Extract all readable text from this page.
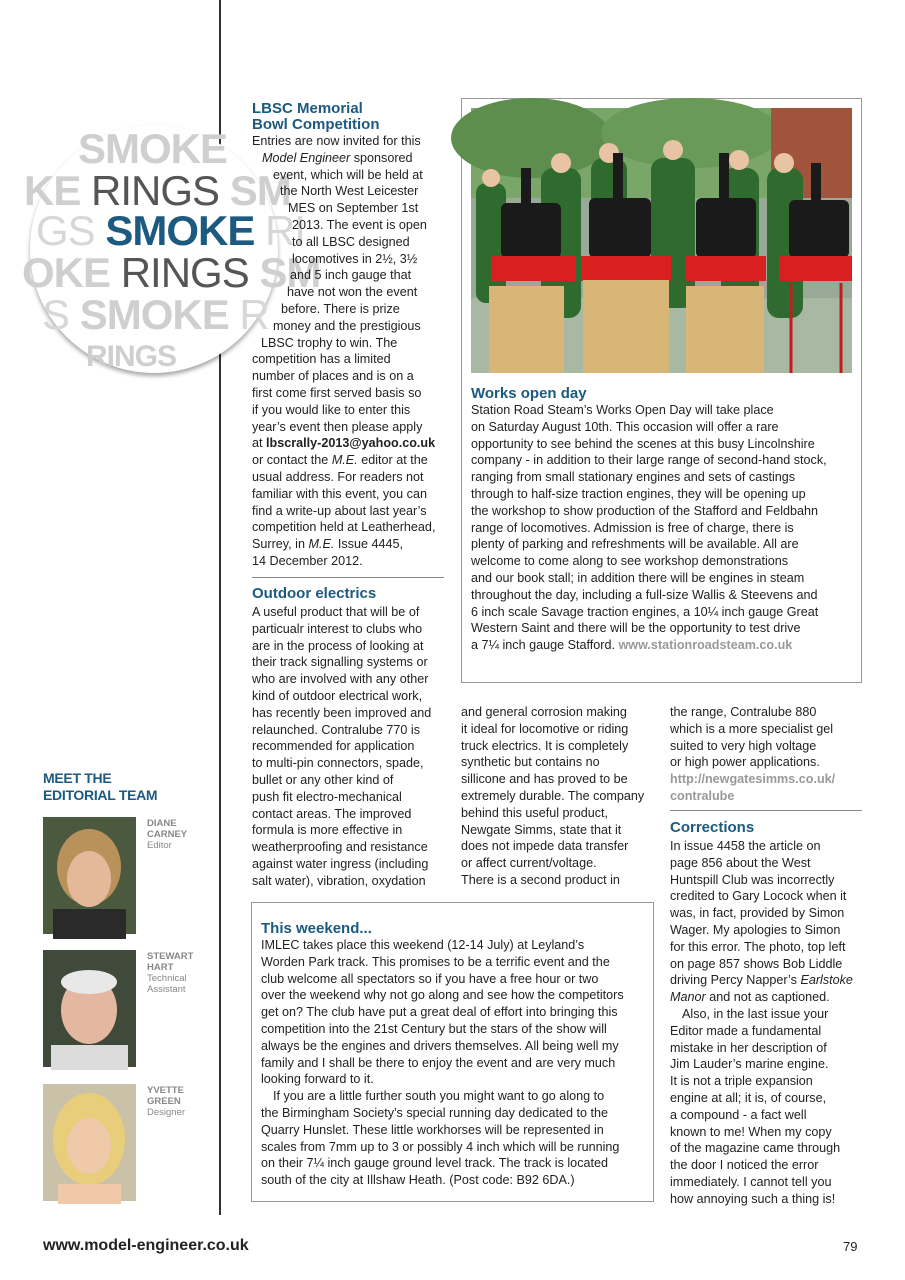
SMOKE
KE RINGS SM
GS SMOKE RI
OKE RINGS SM
S SMOKE R
RINGS

LBSC Memorial
Bowl Competition

Entries are now invited for this

Model Engineer sponsored

event, which will be held at

the North West Leicester

MES on September 1st

2013. The event is open

to all LBSC designed

locomotives in 2½, 3½

and 5 inch gauge that

have not won the event

before. There is prize

money and the prestigious

LBSC trophy to win. The

competition has a limited

number of places and is on a

first come first served basis so

if you would like to enter this

year’s event then please apply

at lbscrally-2013@yahoo.co.uk

or contact the M.E. editor at the

usual address. For readers not

familiar with this event, you can

find a write-up about last year’s

competition held at Leatherhead,

Surrey, in M.E. Issue 4445,

14 December 2012.

Outdoor electrics

A useful product that will be of

particualr interest to clubs who

are in the process of looking at

their track signalling systems or

who are involved with any other

kind of outdoor electrical work,

has recently been improved and

relaunched. Contralube 770 is

recommended for application

to multi-pin connectors, spade,

bullet or any other kind of

push fit electro-mechanical

contact areas. The improved

formula is more effective in

weatherproofing and resistance

against water ingress (including

salt water), vibration, oxydation

and general corrosion making

it ideal for locomotive or riding

truck electrics. It is completely

synthetic but contains no

sillicone and has proved to be

extremely durable. The company

behind this useful product,

Newgate Simms, state that it

does not impede data transfer

or affect current/voltage.

There is a second product in

the range, Contralube 880

which is a more specialist gel

suited to very high voltage

or high power applications.

http://newgatesimms.co.uk/

contralube

Works open day

Station Road Steam’s Works Open Day will take place

on Saturday August 10th. This occasion will offer a rare

opportunity to see behind the scenes at this busy Lincolnshire

company - in addition to their large range of second-hand stock,

ranging from small stationary engines and sets of castings

through to half-size traction engines, they will be opening up

the workshop to show production of the Stafford and Feldbahn

range of locomotives. Admission is free of charge, there is

plenty of parking and refreshments will be available. All are

welcome to come along to see workshop demonstrations

and our book stall; in addition there will be engines in steam

throughout the day, including a full-size Wallis & Steevens and

6 inch scale Savage traction engines, a 10¼ inch gauge Great

Western Saint and there will be the opportunity to test drive

a 7¼ inch gauge Stafford. www.stationroadsteam.co.uk

Corrections

In issue 4458 the article on

page 856 about the West

Huntspill Club was incorrectly

credited to Gary Locock when it

was, in fact, provided by Simon

Wager. My apologies to Simon

for this error. The photo, top left

on page 857 shows Bob Liddle

driving Percy Napper’s Earlstoke

Manor and not as captioned.

Also, in the last issue your

Editor made a fundamental

mistake in her description of

Jim Lauder’s marine engine.

It is not a triple expansion

engine at all; it is, of course,

a compound - a fact well

known to me! When my copy

of the magazine came through

the door I noticed the error

immediately. I cannot tell you

how annoying such a thing is!

This weekend...

IMLEC takes place this weekend (12-14 July) at Leyland’s

Worden Park track. This promises to be a terrific event and the

club welcome all spectators so if you have a free hour or two

over the weekend why not go along and see how the competitors

get on? The club have put a great deal of effort into bringing this

competition into the 21st Century but the stars of the show will

always be the engines and drivers themselves. All being well my

family and I shall be there to enjoy the event and are very much

looking forward to it.

If you are a little further south you might want to go along to

the Birmingham Society’s special running day dedicated to the

Quarry Hunslet. These little workhorses will be represented in

scales from 7mm up to 3 or possibly 4 inch which will be running

on their 7¼ inch gauge ground level track. The track is located

south of the city at Illshaw Heath. (Post code: B92 6DA.)

MEET THE
EDITORIAL TEAM
DIANE
CARNEY
Editor
STEWART
HART
Technical
Assistant
YVETTE
GREEN
Designer
www.model-engineer.co.uk	79
